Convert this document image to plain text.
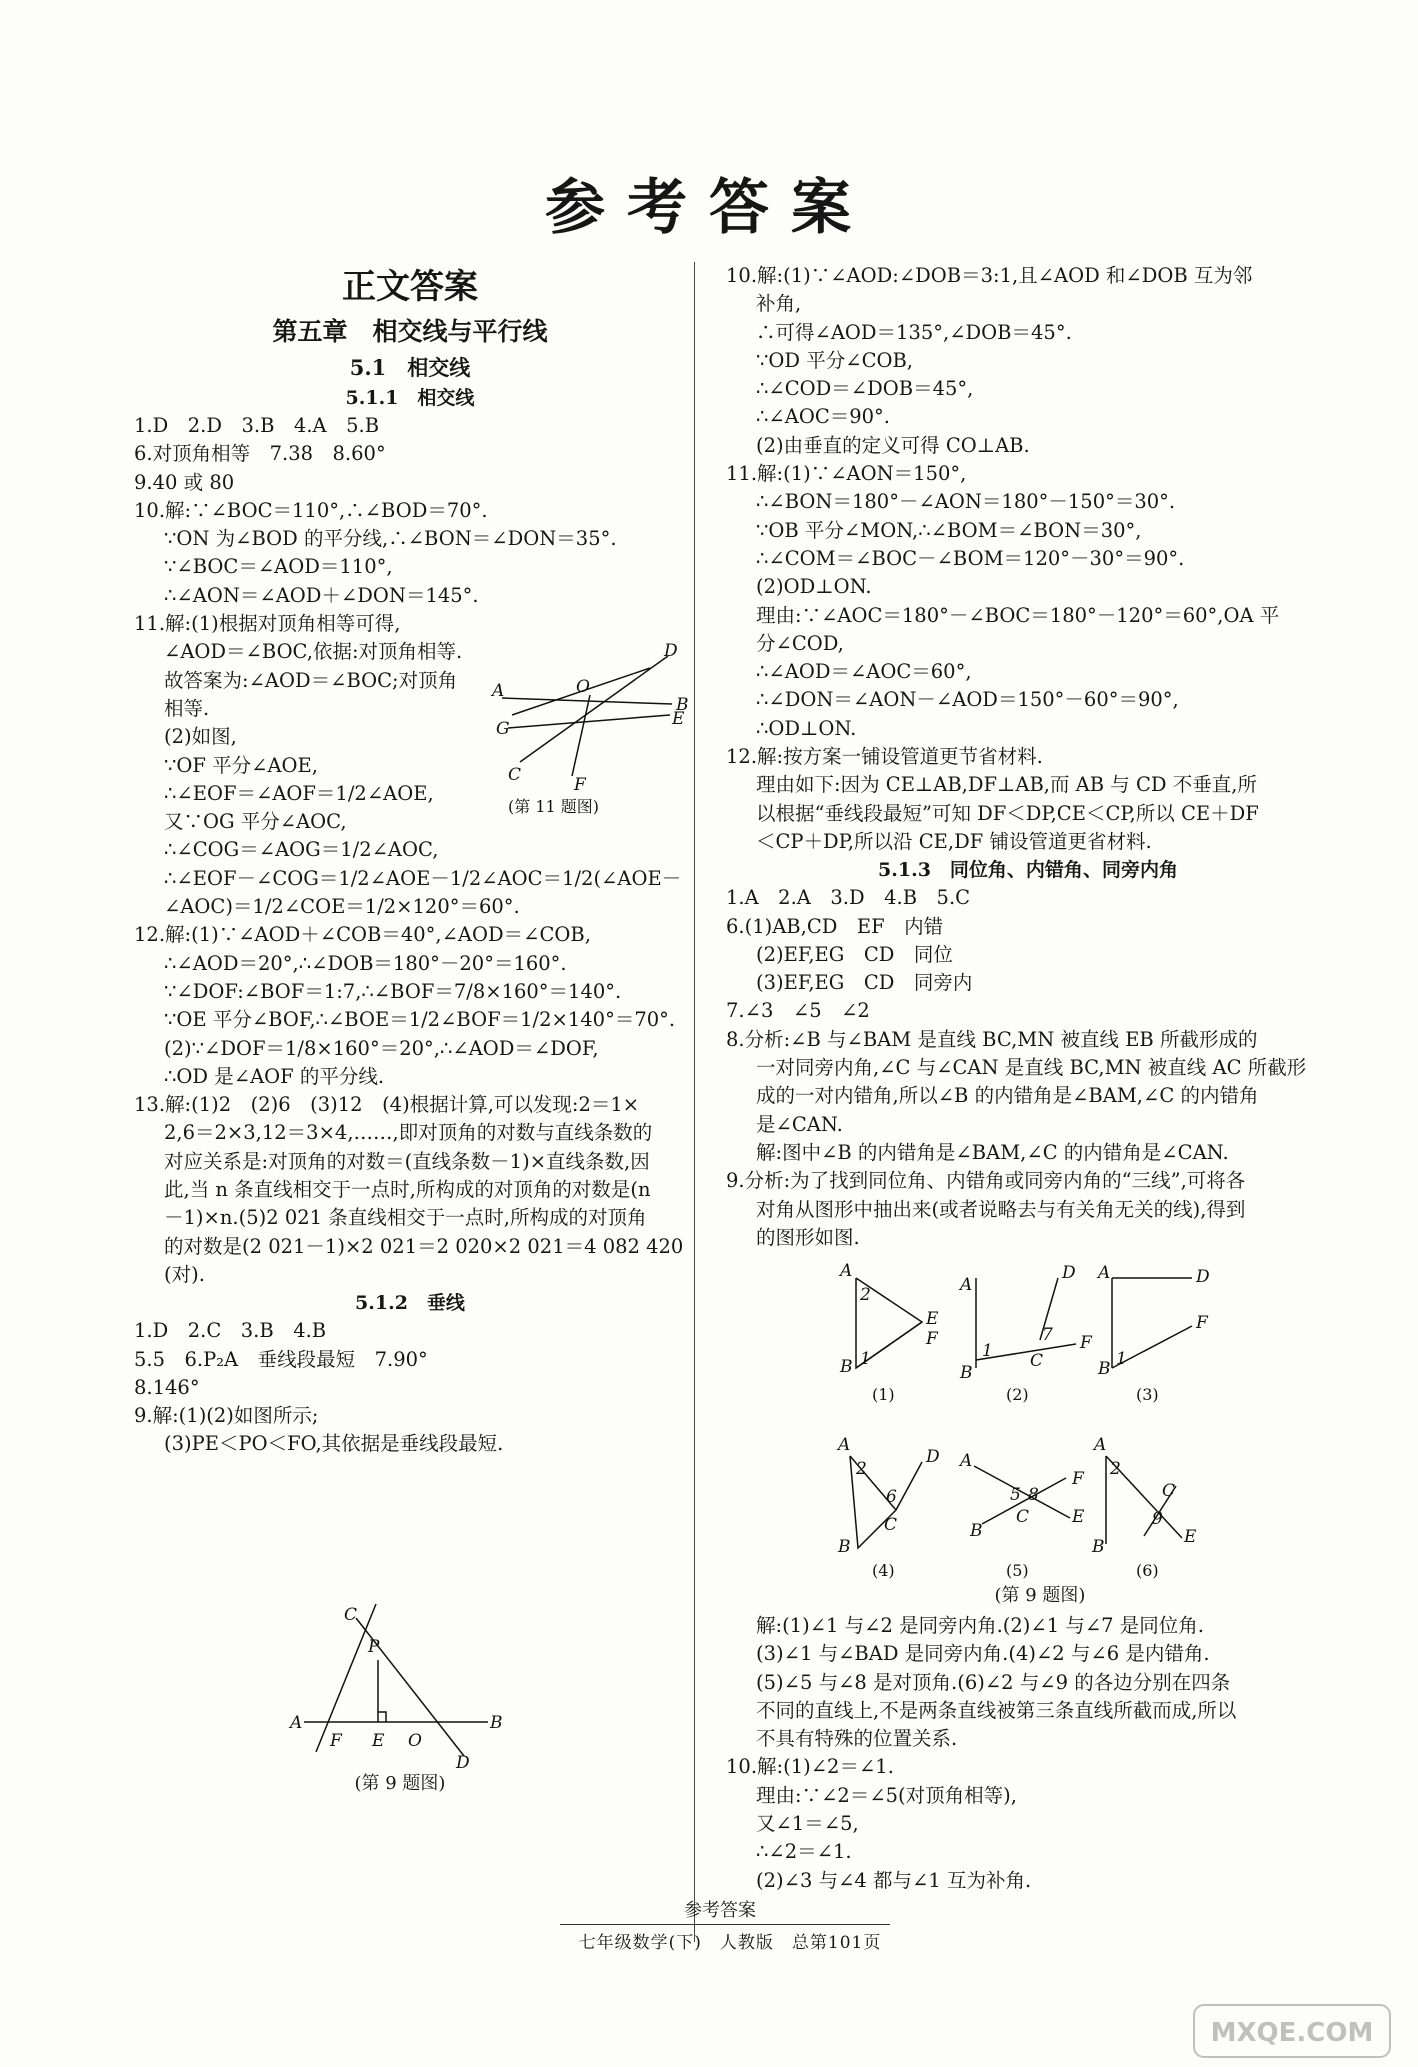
参考答案
正文答案
第五章　相交线与平行线
5.1　相交线
5.1.1　相交线
1.D　2.D　3.B　4.A　5.B
6.对顶角相等　7.38　8.60°
9.40 或 80
10.解:∵∠BOC＝110°,∴∠BOD＝70°.
∵ON 为∠BOD 的平分线,∴∠BON＝∠DON＝35°.
∵∠BOC＝∠AOD＝110°,
∴∠AON＝∠AOD＋∠DON＝145°.
11.解:(1)根据对顶角相等可得,
∠AOD＝∠BOC,依据:对顶角相等.
故答案为:∠AOD＝∠BOC;对顶角
相等.
(2)如图,
∵OF 平分∠AOE,
∴∠EOF＝∠AOF＝1/2∠AOE,
又∵OG 平分∠AOC,
∴∠COG＝∠AOG＝1/2∠AOC,
∴∠EOF－∠COG＝1/2∠AOE－1/2∠AOC＝1/2(∠AOE－
∠AOC)＝1/2∠COE＝1/2×120°＝60°.
12.解:(1)∵∠AOD＋∠COB＝40°,∠AOD＝∠COB,
∴∠AOD＝20°,∴∠DOB＝180°－20°＝160°.
∵∠DOF:∠BOF＝1:7,∴∠BOF＝7/8×160°＝140°.
∵OE 平分∠BOF,∴∠BOE＝1/2∠BOF＝1/2×140°＝70°.
(2)∵∠DOF＝1/8×160°＝20°,∴∠AOD＝∠DOF,
∴OD 是∠AOF 的平分线.
13.解:(1)2　(2)6　(3)12　(4)根据计算,可以发现:2＝1×
2,6＝2×3,12＝3×4,……,即对顶角的对数与直线条数的
对应关系是:对顶角的对数＝(直线条数－1)×直线条数,因
此,当 n 条直线相交于一点时,所构成的对顶角的对数是(n
－1)×n.(5)2 021 条直线相交于一点时,所构成的对顶角
的对数是(2 021－1)×2 021＝2 020×2 021＝4 082 420
(对).
5.1.2　垂线
1.D　2.C　3.B　4.B
5.5　6.P₂A　垂线段最短　7.90°
8.146°
9.解:(1)(2)如图所示;
(3)PE＜PO＜FO,其依据是垂线段最短.
10.解:(1)∵∠AOD:∠DOB＝3:1,且∠AOD 和∠DOB 互为邻
补角,
∴可得∠AOD＝135°,∠DOB＝45°.
∵OD 平分∠COB,
∴∠COD＝∠DOB＝45°,
∴∠AOC＝90°.
(2)由垂直的定义可得 CO⊥AB.
11.解:(1)∵∠AON＝150°,
∴∠BON＝180°－∠AON＝180°－150°＝30°.
∵OB 平分∠MON,∴∠BOM＝∠BON＝30°,
∴∠COM＝∠BOC－∠BOM＝120°－30°＝90°.
(2)OD⊥ON.
理由:∵∠AOC＝180°－∠BOC＝180°－120°＝60°,OA 平
分∠COD,
∴∠AOD＝∠AOC＝60°,
∴∠DON＝∠AON－∠AOD＝150°－60°＝90°,
∴OD⊥ON.
12.解:按方案一铺设管道更节省材料.
理由如下:因为 CE⊥AB,DF⊥AB,而 AB 与 CD 不垂直,所
以根据“垂线段最短”可知 DF＜DP,CE＜CP,所以 CE＋DF
＜CP＋DP,所以沿 CE,DF 铺设管道更省材料.
5.1.3　同位角、内错角、同旁内角
1.A　2.A　3.D　4.B　5.C
6.(1)AB,CD　EF　内错
(2)EF,EG　CD　同位
(3)EF,EG　CD　同旁内
7.∠3　∠5　∠2
8.分析:∠B 与∠BAM 是直线 BC,MN 被直线 EB 所截形成的
一对同旁内角,∠C 与∠CAN 是直线 BC,MN 被直线 AC 所截形
成的一对内错角,所以∠B 的内错角是∠BAM,∠C 的内错角
是∠CAN.
解:图中∠B 的内错角是∠BAM,∠C 的内错角是∠CAN.
9.分析:为了找到同位角、内错角或同旁内角的“三线”,可将各
对角从图形中抽出来(或者说略去与有关角无关的线),得到
的图形如图.
A
B
G	E
D
O
C	F
(第 11 题图)
A	B
C
P
F E O
D
(第 9 题图)
A
2
E
F
1
B
A
D
7 F
1 C
B
A	D
F
1
B
A
2
6
D
C
B
A
F
5 8
E
B
C
A
2
C
9
E
B
(1)	(2)	(3)
(4)	(5)	(6)
(第 9 题图)
解:(1)∠1 与∠2 是同旁内角.(2)∠1 与∠7 是同位角.
(3)∠1 与∠BAD 是同旁内角.(4)∠2 与∠6 是内错角.
(5)∠5 与∠8 是对顶角.(6)∠2 与∠9 的各边分别在四条
不同的直线上,不是两条直线被第三条直线所截而成,所以
不具有特殊的位置关系.
10.解:(1)∠2＝∠1.
理由:∵∠2＝∠5(对顶角相等),
又∠1＝∠5,
∴∠2＝∠1.
(2)∠3 与∠4 都与∠1 互为补角.
参考答案
七年级数学(下)　人教版　总第101页
MXQE.COM
